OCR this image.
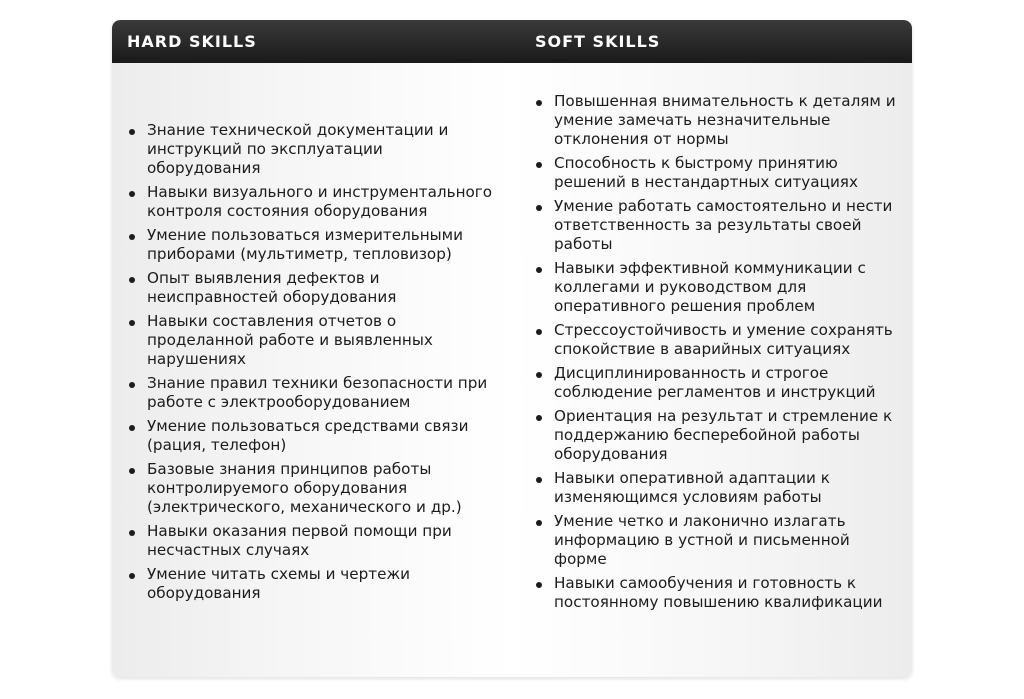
HARD SKILLS	SOFT SKILLS
Знание технической документации и инструкций по эксплуатации оборудования
Навыки визуального и инструментального контроля состояния оборудования
Умение пользоваться измерительными приборами (мультиметр, тепловизор)
Опыт выявления дефектов и неисправностей оборудования
Навыки составления отчетов о проделанной работе и выявленных нарушениях
Знание правил техники безопасности при работе с электрооборудованием
Умение пользоваться средствами связи (рация, телефон)
Базовые знания принципов работы контролируемого оборудования (электрического, механического и др.)
Навыки оказания первой помощи при несчастных случаях
Умение читать схемы и чертежи оборудования
Повышенная внимательность к деталям и умение замечать незначительные отклонения от нормы
Способность к быстрому принятию решений в нестандартных ситуациях
Умение работать самостоятельно и нести ответственность за результаты своей работы
Навыки эффективной коммуникации с коллегами и руководством для оперативного решения проблем
Стрессоустойчивость и умение сохранять спокойствие в аварийных ситуациях
Дисциплинированность и строгое соблюдение регламентов и инструкций
Ориентация на результат и стремление к поддержанию бесперебойной работы оборудования
Навыки оперативной адаптации к изменяющимся условиям работы
Умение четко и лаконично излагать информацию в устной и письменной форме
Навыки самообучения и готовность к постоянному повышению квалификации
